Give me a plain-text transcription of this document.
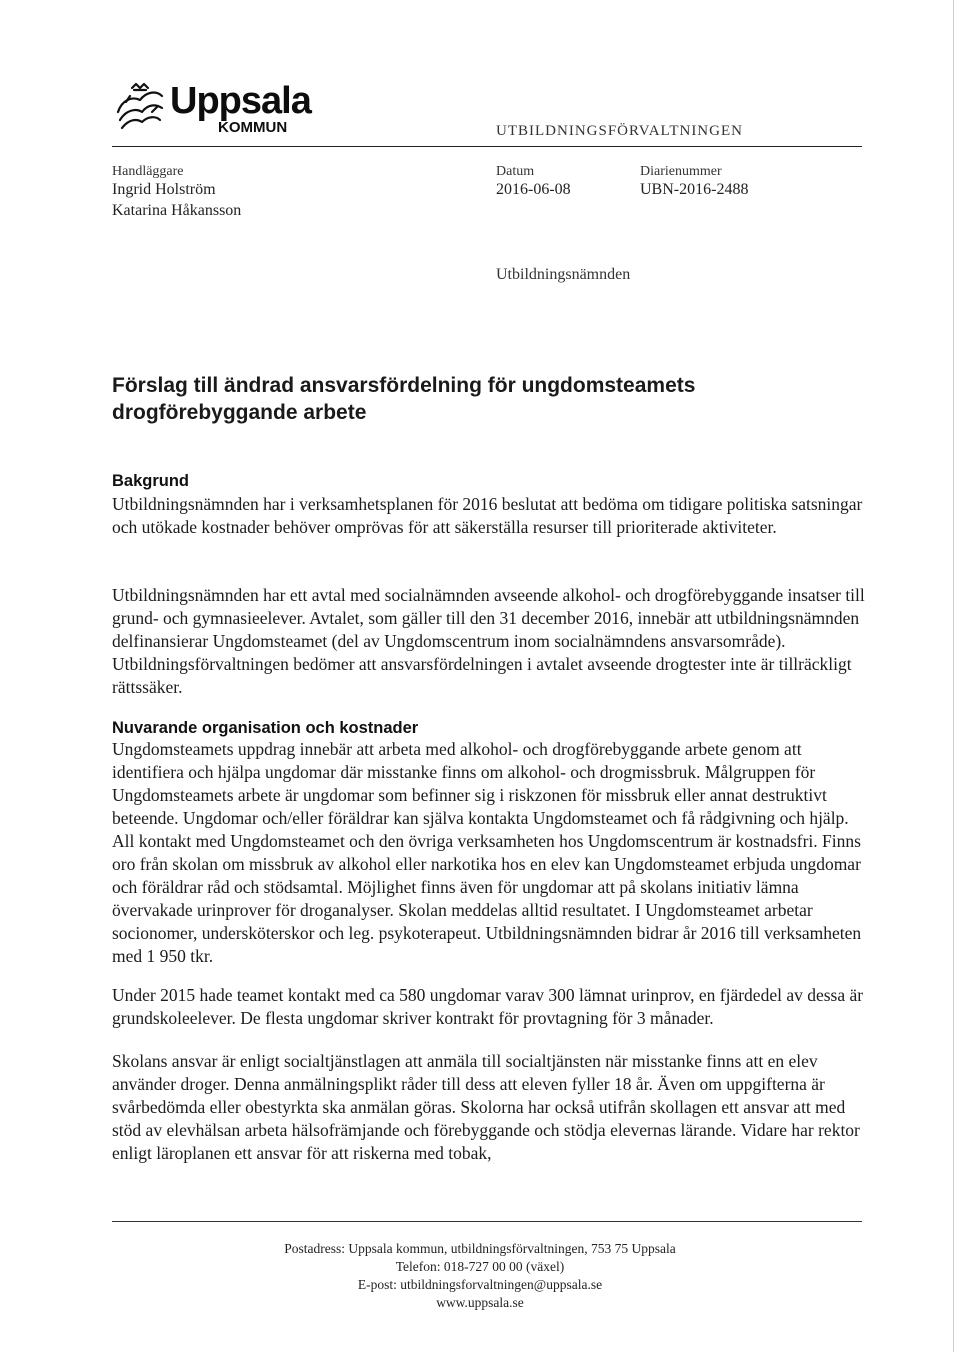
Uppsala
KOMMUN	UTBILDNINGSFÖRVALTNINGEN
Handläggare
Ingrid Holström
Katarina Håkansson
Datum
2016-06-08
Diarienummer
UBN-2016-2488
Utbildningsnämnden
Förslag till ändrad ansvarsfördelning för ungdomsteamets
drogförebyggande arbete
Bakgrund
Utbildningsnämnden har i verksamhetsplanen för 2016 beslutat att bedöma om tidigare politiska satsningar och utökade kostnader behöver omprövas för att säkerställa resurser till prioriterade aktiviteter.
Utbildningsnämnden har ett avtal med socialnämnden avseende alkohol- och drogförebyggande insatser till grund- och gymnasieelever. Avtalet, som gäller till den 31 december 2016, innebär att utbildningsnämnden delfinansierar Ungdomsteamet (del av Ungdomscentrum inom socialnämndens ansvarsområde). Utbildningsförvaltningen bedömer att ansvarsfördelningen i avtalet avseende drogtester inte är tillräckligt rättssäker.
Nuvarande organisation och kostnader
Ungdomsteamets uppdrag innebär att arbeta med alkohol- och drogförebyggande arbete genom att identifiera och hjälpa ungdomar där misstanke finns om alkohol- och drogmissbruk. Målgruppen för Ungdomsteamets arbete är ungdomar som befinner sig i riskzonen för missbruk eller annat destruktivt beteende. Ungdomar och/eller föräldrar kan själva kontakta Ungdomsteamet och få rådgivning och hjälp. All kontakt med Ungdomsteamet och den övriga verksamheten hos Ungdomscentrum är kostnadsfri. Finns oro från skolan om missbruk av alkohol eller narkotika hos en elev kan Ungdomsteamet erbjuda ungdomar och föräldrar råd och stödsamtal. Möjlighet finns även för ungdomar att på skolans initiativ lämna övervakade urinprover för droganalyser. Skolan meddelas alltid resultatet. I Ungdomsteamet arbetar socionomer, undersköterskor och leg. psykoterapeut. Utbildningsnämnden bidrar år 2016 till verksamheten med 1 950 tkr.
Under 2015 hade teamet kontakt med ca 580 ungdomar varav 300 lämnat urinprov, en fjärdedel av dessa är grundskoleelever. De flesta ungdomar skriver kontrakt för provtagning för 3 månader.
Skolans ansvar är enligt socialtjänstlagen att anmäla till socialtjänsten när misstanke finns att en elev använder droger. Denna anmälningsplikt råder till dess att eleven fyller 18 år. Även om uppgifterna är svårbedömda eller obestyrkta ska anmälan göras. Skolorna har också utifrån skollagen ett ansvar att med stöd av elevhälsan arbeta hälsofrämjande och förebyggande och stödja elevernas lärande. Vidare har rektor enligt läroplanen ett ansvar för att riskerna med tobak,
Postadress: Uppsala kommun, utbildningsförvaltningen, 753 75 Uppsala
Telefon: 018-727 00 00 (växel)
E-post: utbildningsforvaltningen@uppsala.se
www.uppsala.se
